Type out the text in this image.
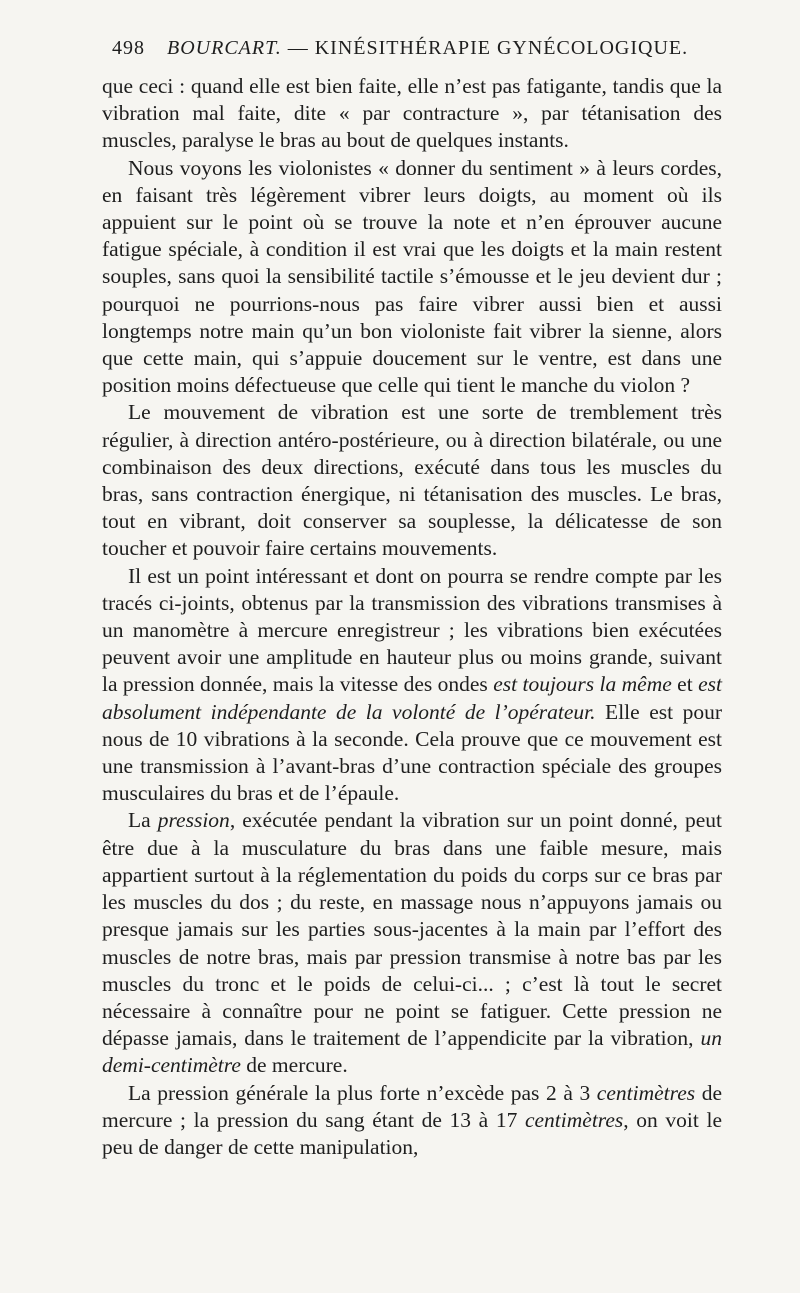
498 BOURCART. — KINÉSITHÉRAPIE GYNÉCOLOGIQUE.

que ceci : quand elle est bien faite, elle n’est pas fatigante, tandis que la vibration mal faite, dite « par contracture », par tétanisation des muscles, paralyse le bras au bout de quelques instants.

Nous voyons les violonistes « donner du sentiment » à leurs cordes, en faisant très légèrement vibrer leurs doigts, au moment où ils appuient sur le point où se trouve la note et n’en éprouver aucune fatigue spéciale, à condition il est vrai que les doigts et la main restent souples, sans quoi la sensibilité tactile s’émousse et le jeu devient dur ; pourquoi ne pourrions-nous pas faire vibrer aussi bien et aussi longtemps notre main qu’un bon violoniste fait vibrer la sienne, alors que cette main, qui s’appuie doucement sur le ventre, est dans une position moins défectueuse que celle qui tient le manche du violon ?

Le mouvement de vibration est une sorte de tremblement très régulier, à direction antéro-postérieure, ou à direction bilatérale, ou une combinaison des deux directions, exécuté dans tous les muscles du bras, sans contraction énergique, ni tétanisation des muscles. Le bras, tout en vibrant, doit conserver sa souplesse, la délicatesse de son toucher et pouvoir faire certains mouvements.

Il est un point intéressant et dont on pourra se rendre compte par les tracés ci-joints, obtenus par la transmission des vibrations transmises à un manomètre à mercure enregistreur ; les vibrations bien exécutées peuvent avoir une amplitude en hauteur plus ou moins grande, suivant la pression donnée, mais la vitesse des ondes est toujours la même et est absolument indépendante de la volonté de l’opérateur. Elle est pour nous de 10 vibrations à la seconde. Cela prouve que ce mouvement est une transmission à l’avant-bras d’une contraction spéciale des groupes musculaires du bras et de l’épaule.

La pression, exécutée pendant la vibration sur un point donné, peut être due à la musculature du bras dans une faible mesure, mais appartient surtout à la réglementation du poids du corps sur ce bras par les muscles du dos ; du reste, en massage nous n’appuyons jamais ou presque jamais sur les parties sous-jacentes à la main par l’effort des muscles de notre bras, mais par pression transmise à notre bas par les muscles du tronc et le poids de celui-ci... ; c’est là tout le secret nécessaire à connaître pour ne point se fatiguer. Cette pression ne dépasse jamais, dans le traitement de l’appendicite par la vibration, un demi-centimètre de mercure.

La pression générale la plus forte n’excède pas 2 à 3 centimètres de mercure ; la pression du sang étant de 13 à 17 centimètres, on voit le peu de danger de cette manipulation,
